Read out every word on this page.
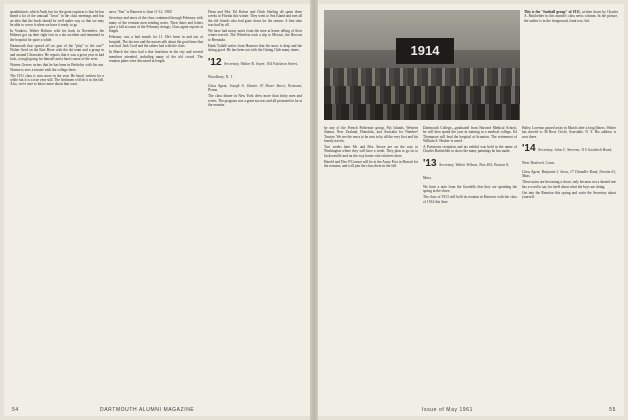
speakhistoric which Andy has for the great registrar is that he has heard a lot of the unusual "firsts" in the class meetings and has an idea that the book should be well under way so that we may be able to cover it when we have it ready to go.

In Yonkers, Walter Holmes with his back in November, the Holmes got up their right foot in a ski accident and remained in the hospital for quite a while.

Dartmouth that spread off no part of the "play" to the zoo!" Walter lived on the East River with the ski team and a group in and around Clearwater. He reports that it was a great year in bad luck, a tough going for himself and a hard course of the river.

Warren Graves writes that he has been in Berkeley with his son. Warren is now a trustee with the college there.

The 1911 class is now more in the year. He hasn't written for a while but it is a true year still. The freshmen will do it in the fall. Also, we're sure to know more about him soon.

news "Sno" is Hanover is June 11-12, 1961!

Secretary and news of the class continued through February with many of the reunion men sending notes. Their dates and letters give a full account of the February doings, Class agent reports at length.

February was a bad month for 11. He's been in and out of hospital. The doctors and the nurses talk about the good time that was had. Jack Cord and the others had with the class.

In March the class had a fine luncheon in the city and several members attended, including many of the old crowd. The reunion plans were discussed at length.

Dean and Mrs. Ed Kehoe and Chub Sterling all spent three weeks in Florida this winter. They went to Sea Island and met all the old friends who had gone down for the season. A fine time was had by all.

We have had many notes from the men at home telling of their winter travels. The Wheelers took a trip to Mexico, the Browns to Bermuda.

Hank Tuthill writes from Hanover that the snow is deep and the skiing good. He has been out with the Outing Club many times.

'12 Secretary, Walter R. Sayer, 104 Fairlawn Street, Woodbury, N. J.

Class Agent, Joseph A. Glazier 33 Dover Street, Newtown, Penna.

The class dinner in New York drew more than thirty men and wives. The program was a great success and all promised to be at the reunion.

54	DARTMOUTH ALUMNI MAGAZINE
1914
This is the "football group" of 1911, written down by Charles A. Batchelder in this month's class news column. In the picture, the author is in the foreground, front row, left.

by any of the French Pothensie group, Fiji Islands, Western Samoa, New Zealand, Honolulu, and Australia for Nembre! Trustee. We see the news to be sent in by all the very first and his family travels.

Two weeks later Mr. and Mrs. Stowe are on the way to Washington where they will have a week. They plan to go on to Jacksonville and on the way home visit relatives there.

Harold and Dee O'Connor will be at the Army Post in Hawaii for the reunion, and will join the class there in the fall.

Dartmouth College—graduated from Harvard Medical School, he will then spend the year in training in a medical college. Ed Thompson will lead the hospital at Scranton. The retirement of William S. Hosker is noted.

A Pottstown reception and art exhibit was held in the name of Charles Batchelder to show the many paintings he has made.

'13 Secretary, Walter Wilson, Box 463, Boston 8, Mass.

We have a note from the Goodells that they are spending the spring at the shore.

The class of 1913 will hold its reunion in Hanover with the class of 1914 this June.

Haley, Lorenzo passed away in March after a long illness. Walter has moved to 38 Rose Circle, Scarsdale, N. Y. His address is now there.

'14 Secretary, John C. Stevens, 115 Goodrich Road, West Hartford, Conn.

Class Agent, Benjamin J. Snow, 17 Chandler Road, Newton 61, Mass.

These notes are becoming a chore, only because not a darned one has a word to say for itself about what the boys are doing.

Get into the Reunion this spring and write the Secretary about yourself.

Issue of May 1961	55
